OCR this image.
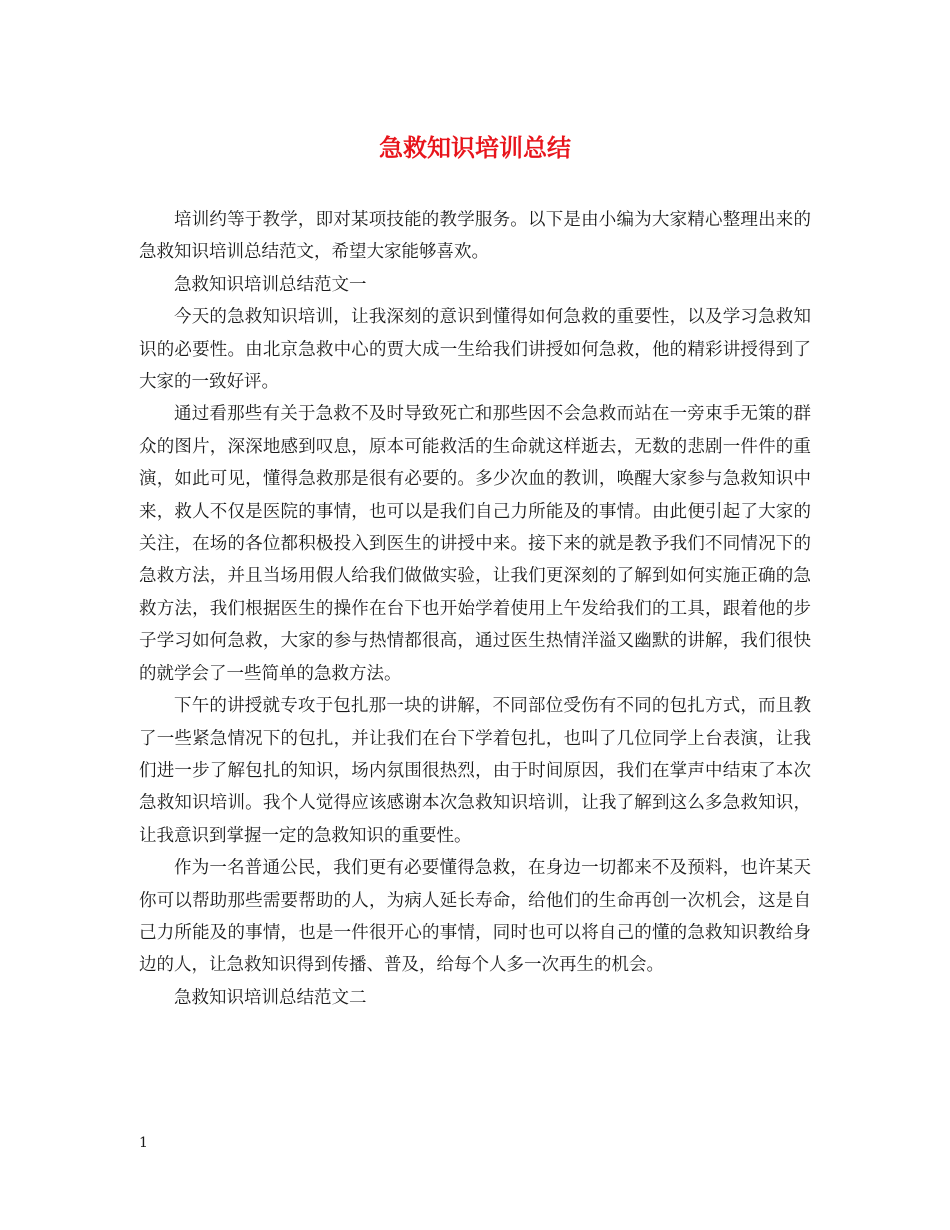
急救知识培训总结

培训约等于教学，即对某项技能的教学服务。以下是由小编为大家精心整理出来的急救知识培训总结范文，希望大家能够喜欢。

急救知识培训总结范文一

今天的急救知识培训，让我深刻的意识到懂得如何急救的重要性，以及学习急救知识的必要性。由北京急救中心的贾大成一生给我们讲授如何急救，他的精彩讲授得到了大家的一致好评。

通过看那些有关于急救不及时导致死亡和那些因不会急救而站在一旁束手无策的群众的图片，深深地感到叹息，原本可能救活的生命就这样逝去，无数的悲剧一件件的重演，如此可见，懂得急救那是很有必要的。多少次血的教训，唤醒大家参与急救知识中来，救人不仅是医院的事情，也可以是我们自己力所能及的事情。由此便引起了大家的关注，在场的各位都积极投入到医生的讲授中来。接下来的就是教予我们不同情况下的急救方法，并且当场用假人给我们做做实验，让我们更深刻的了解到如何实施正确的急救方法，我们根据医生的操作在台下也开始学着使用上午发给我们的工具，跟着他的步子学习如何急救，大家的参与热情都很高，通过医生热情洋溢又幽默的讲解，我们很快的就学会了一些简单的急救方法。

下午的讲授就专攻于包扎那一块的讲解，不同部位受伤有不同的包扎方式，而且教了一些紧急情况下的包扎，并让我们在台下学着包扎，也叫了几位同学上台表演，让我们进一步了解包扎的知识，场内氛围很热烈，由于时间原因，我们在掌声中结束了本次急救知识培训。我个人觉得应该感谢本次急救知识培训，让我了解到这么多急救知识，让我意识到掌握一定的急救知识的重要性。

作为一名普通公民，我们更有必要懂得急救，在身边一切都来不及预料，也许某天你可以帮助那些需要帮助的人，为病人延长寿命，给他们的生命再创一次机会，这是自己力所能及的事情，也是一件很开心的事情，同时也可以将自己的懂的急救知识教给身边的人，让急救知识得到传播、普及，给每个人多一次再生的机会。

急救知识培训总结范文二

1
